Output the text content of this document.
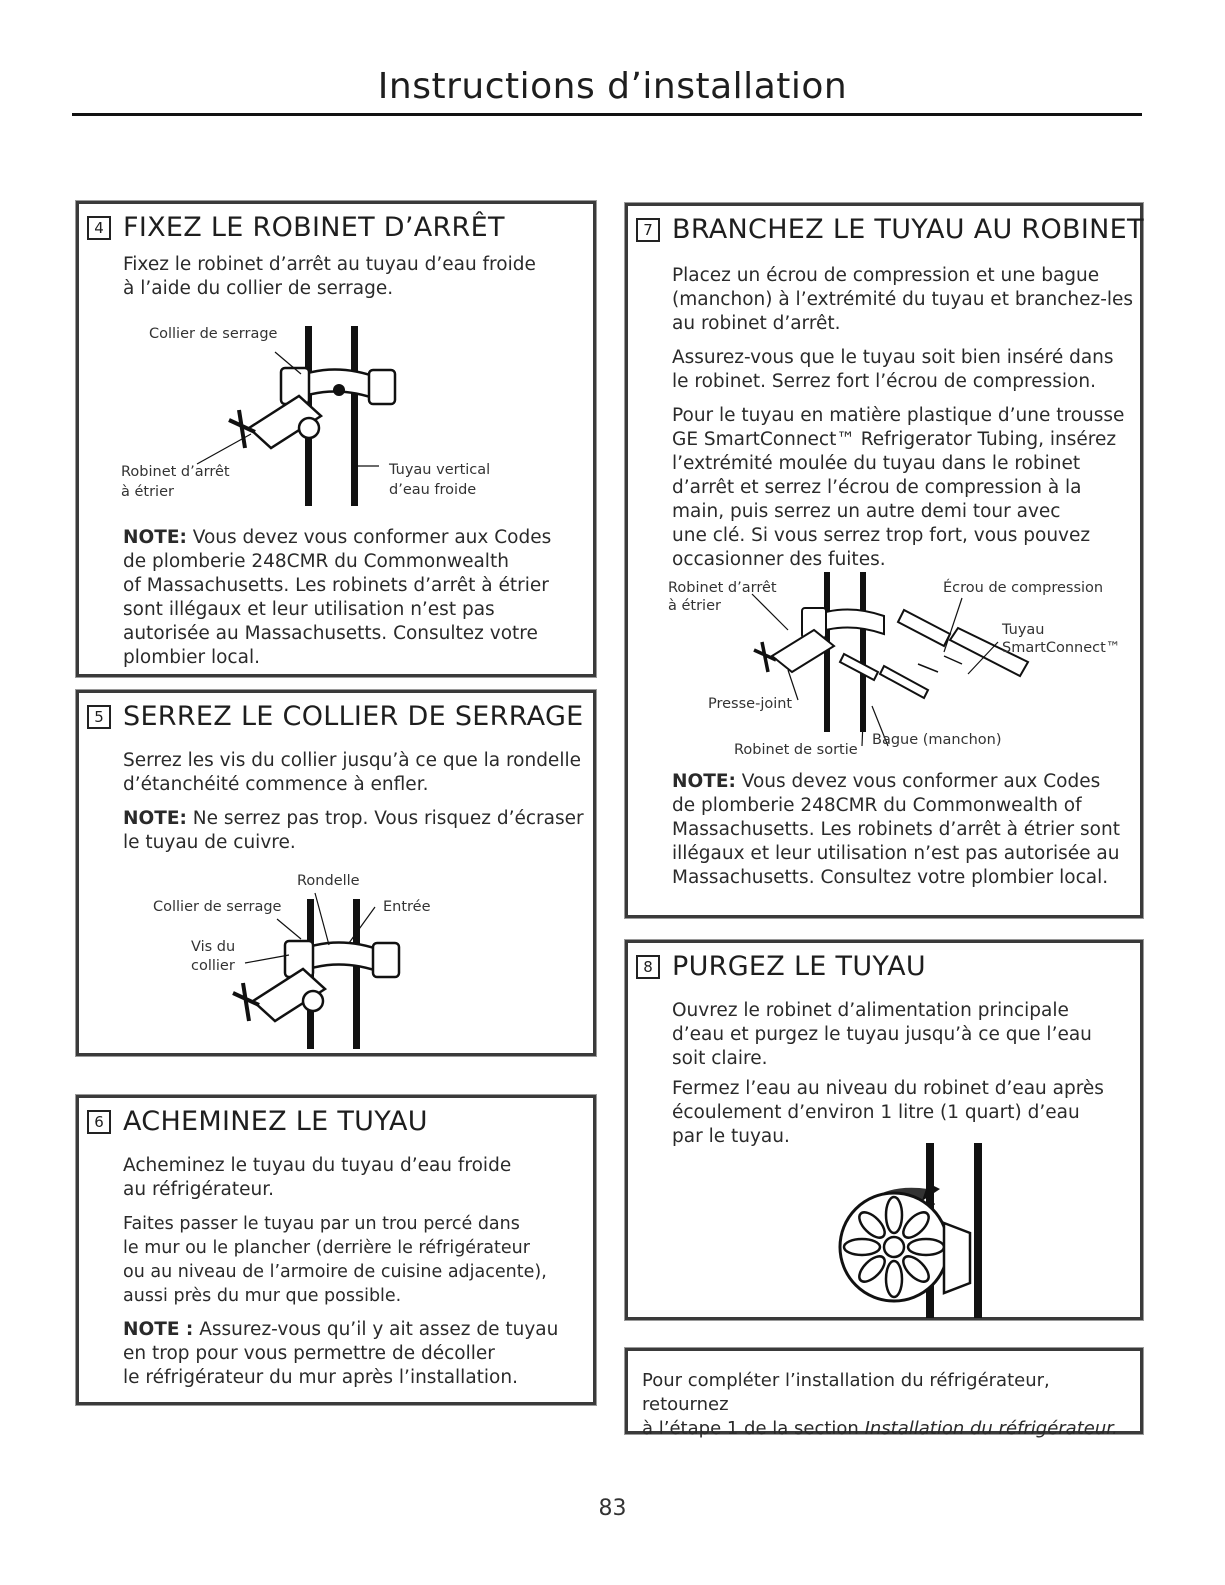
Instructions d’installation
4 FIXEZ LE ROBINET D’ARRÊT

Fixez le robinet d’arrêt au tuyau d’eau froide
à l’aide du collier de serrage.

Collier de serrage
Robinet d’arrêt
à étrier
Tuyau vertical
d’eau froide

NOTE: Vous devez vous conformer aux Codes
de plomberie 248CMR du Commonwealth
of Massachusetts. Les robinets d’arrêt à étrier
sont illégaux et leur utilisation n’est pas
autorisée au Massachusetts. Consultez votre
plombier local.

5 SERREZ LE COLLIER DE SERRAGE

Serrez les vis du collier jusqu’à ce que la rondelle
d’étanchéité commence à enfler.

NOTE: Ne serrez pas trop. Vous risquez d’écraser
le tuyau de cuivre.

Rondelle
Collier de serrage	Entrée
Vis du
collier
6 ACHEMINEZ LE TUYAU

Acheminez le tuyau du tuyau d’eau froide
au réfrigérateur.

Faites passer le tuyau par un trou percé dans
le mur ou le plancher (derrière le réfrigérateur
ou au niveau de l’armoire de cuisine adjacente),
aussi près du mur que possible.

NOTE : Assurez-vous qu’il y ait assez de tuyau
en trop pour vous permettre de décoller
le réfrigérateur du mur après l’installation.

7 BRANCHEZ LE TUYAU AU ROBINET

Placez un écrou de compression et une bague
(manchon) à l’extrémité du tuyau et branchez-les
au robinet d’arrêt.

Assurez-vous que le tuyau soit bien inséré dans
le robinet. Serrez fort l’écrou de compression.

Pour le tuyau en matière plastique d’une trousse
GE SmartConnect™ Refrigerator Tubing, insérez
l’extrémité moulée du tuyau dans le robinet
d’arrêt et serrez l’écrou de compression à la
main, puis serrez un autre demi tour avec
une clé. Si vous serrez trop fort, vous pouvez
occasionner des fuites.

Robinet d’arrêt
à étrier
Écrou de compression
Tuyau
SmartConnect™
Presse-joint
Robinet de sortie
Bague (manchon)

NOTE: Vous devez vous conformer aux Codes
de plomberie 248CMR du Commonwealth of
Massachusetts. Les robinets d’arrêt à étrier sont
illégaux et leur utilisation n’est pas autorisée au
Massachusetts. Consultez votre plombier local.

8 PURGEZ LE TUYAU

Ouvrez le robinet d’alimentation principale
d’eau et purgez le tuyau jusqu’à ce que l’eau
soit claire.

Fermez l’eau au niveau du robinet d’eau après
écoulement d’environ 1 litre (1 quart) d’eau
par le tuyau.

Pour compléter l’installation du réfrigérateur, retournez
à l’étape 1 de la section Installation du réfrigérateur.

83
